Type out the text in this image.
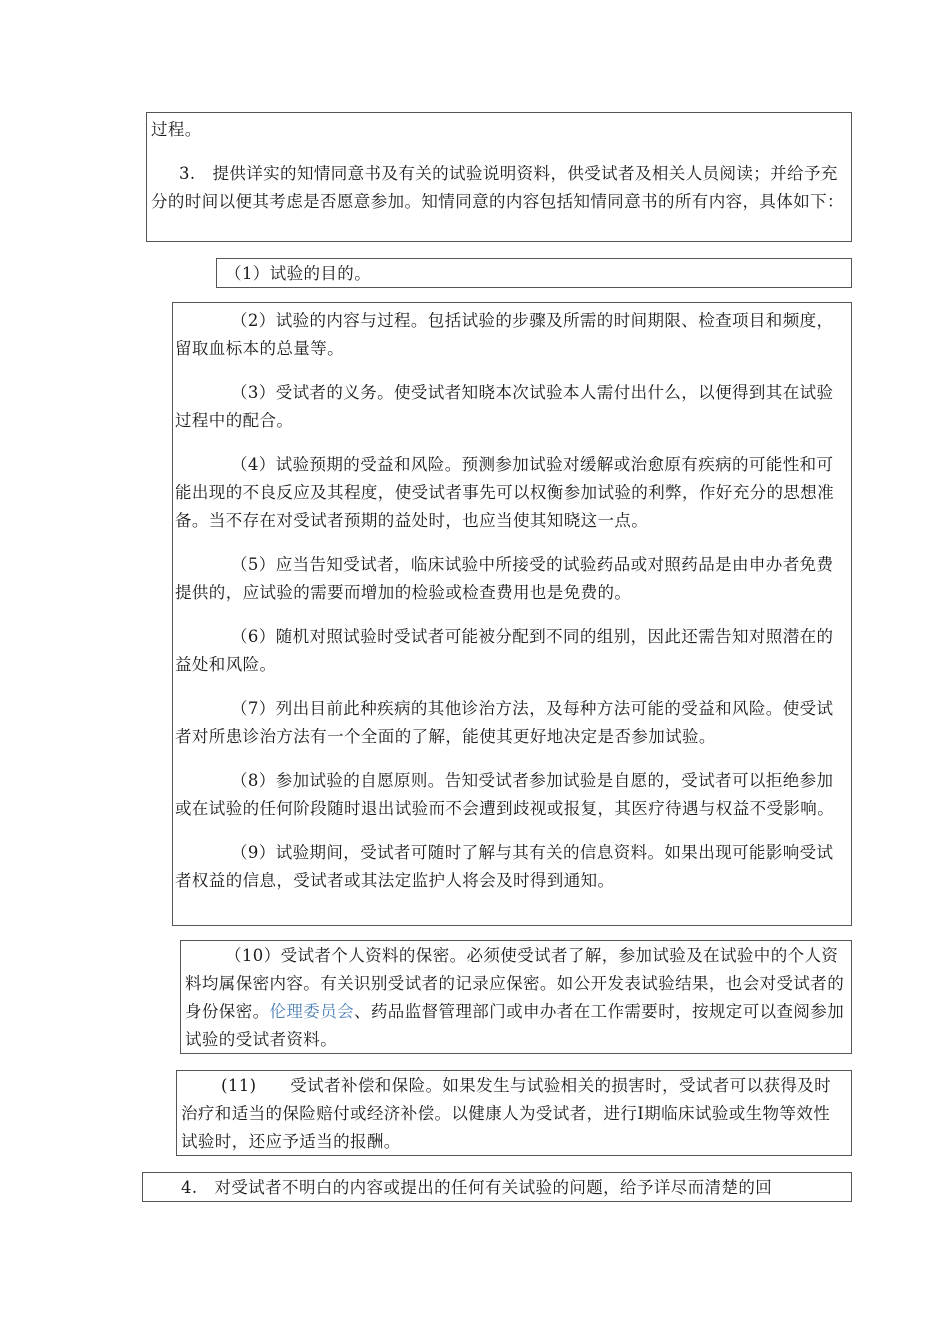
过程。

3.　提供详实的知情同意书及有关的试验说明资料，供受试者及相关人员阅读；并给予充分的时间以便其考虑是否愿意参加。知情同意的内容包括知情同意书的所有内容，具体如下：

（1）试验的目的。

（2）试验的内容与过程。包括试验的步骤及所需的时间期限、检查项目和频度，留取血标本的总量等。

（3）受试者的义务。使受试者知晓本次试验本人需付出什么，以便得到其在试验过程中的配合。

（4）试验预期的受益和风险。预测参加试验对缓解或治愈原有疾病的可能性和可能出现的不良反应及其程度，使受试者事先可以权衡参加试验的利弊，作好充分的思想准备。当不存在对受试者预期的益处时，也应当使其知晓这一点。

（5）应当告知受试者，临床试验中所接受的试验药品或对照药品是由申办者免费提供的，应试验的需要而增加的检验或检查费用也是免费的。

（6）随机对照试验时受试者可能被分配到不同的组别，因此还需告知对照潜在的益处和风险。

（7）列出目前此种疾病的其他诊治方法，及每种方法可能的受益和风险。使受试者对所患诊治方法有一个全面的了解，能使其更好地决定是否参加试验。

（8）参加试验的自愿原则。告知受试者参加试验是自愿的，受试者可以拒绝参加或在试验的任何阶段随时退出试验而不会遭到歧视或报复，其医疗待遇与权益不受影响。

（9）试验期间，受试者可随时了解与其有关的信息资料。如果出现可能影响受试者权益的信息，受试者或其法定监护人将会及时得到通知。

（10）受试者个人资料的保密。必须使受试者了解，参加试验及在试验中的个人资料均属保密内容。有关识别受试者的记录应保密。如公开发表试验结果，也会对受试者的身份保密。伦理委员会、药品监督管理部门或申办者在工作需要时，按规定可以查阅参加试验的受试者资料。

(11)　　受试者补偿和保险。如果发生与试验相关的损害时，受试者可以获得及时治疗和适当的保险赔付或经济补偿。以健康人为受试者，进行Ⅰ期临床试验或生物等效性试验时，还应予适当的报酬。

4.　对受试者不明白的内容或提出的任何有关试验的问题，给予详尽而清楚的回
